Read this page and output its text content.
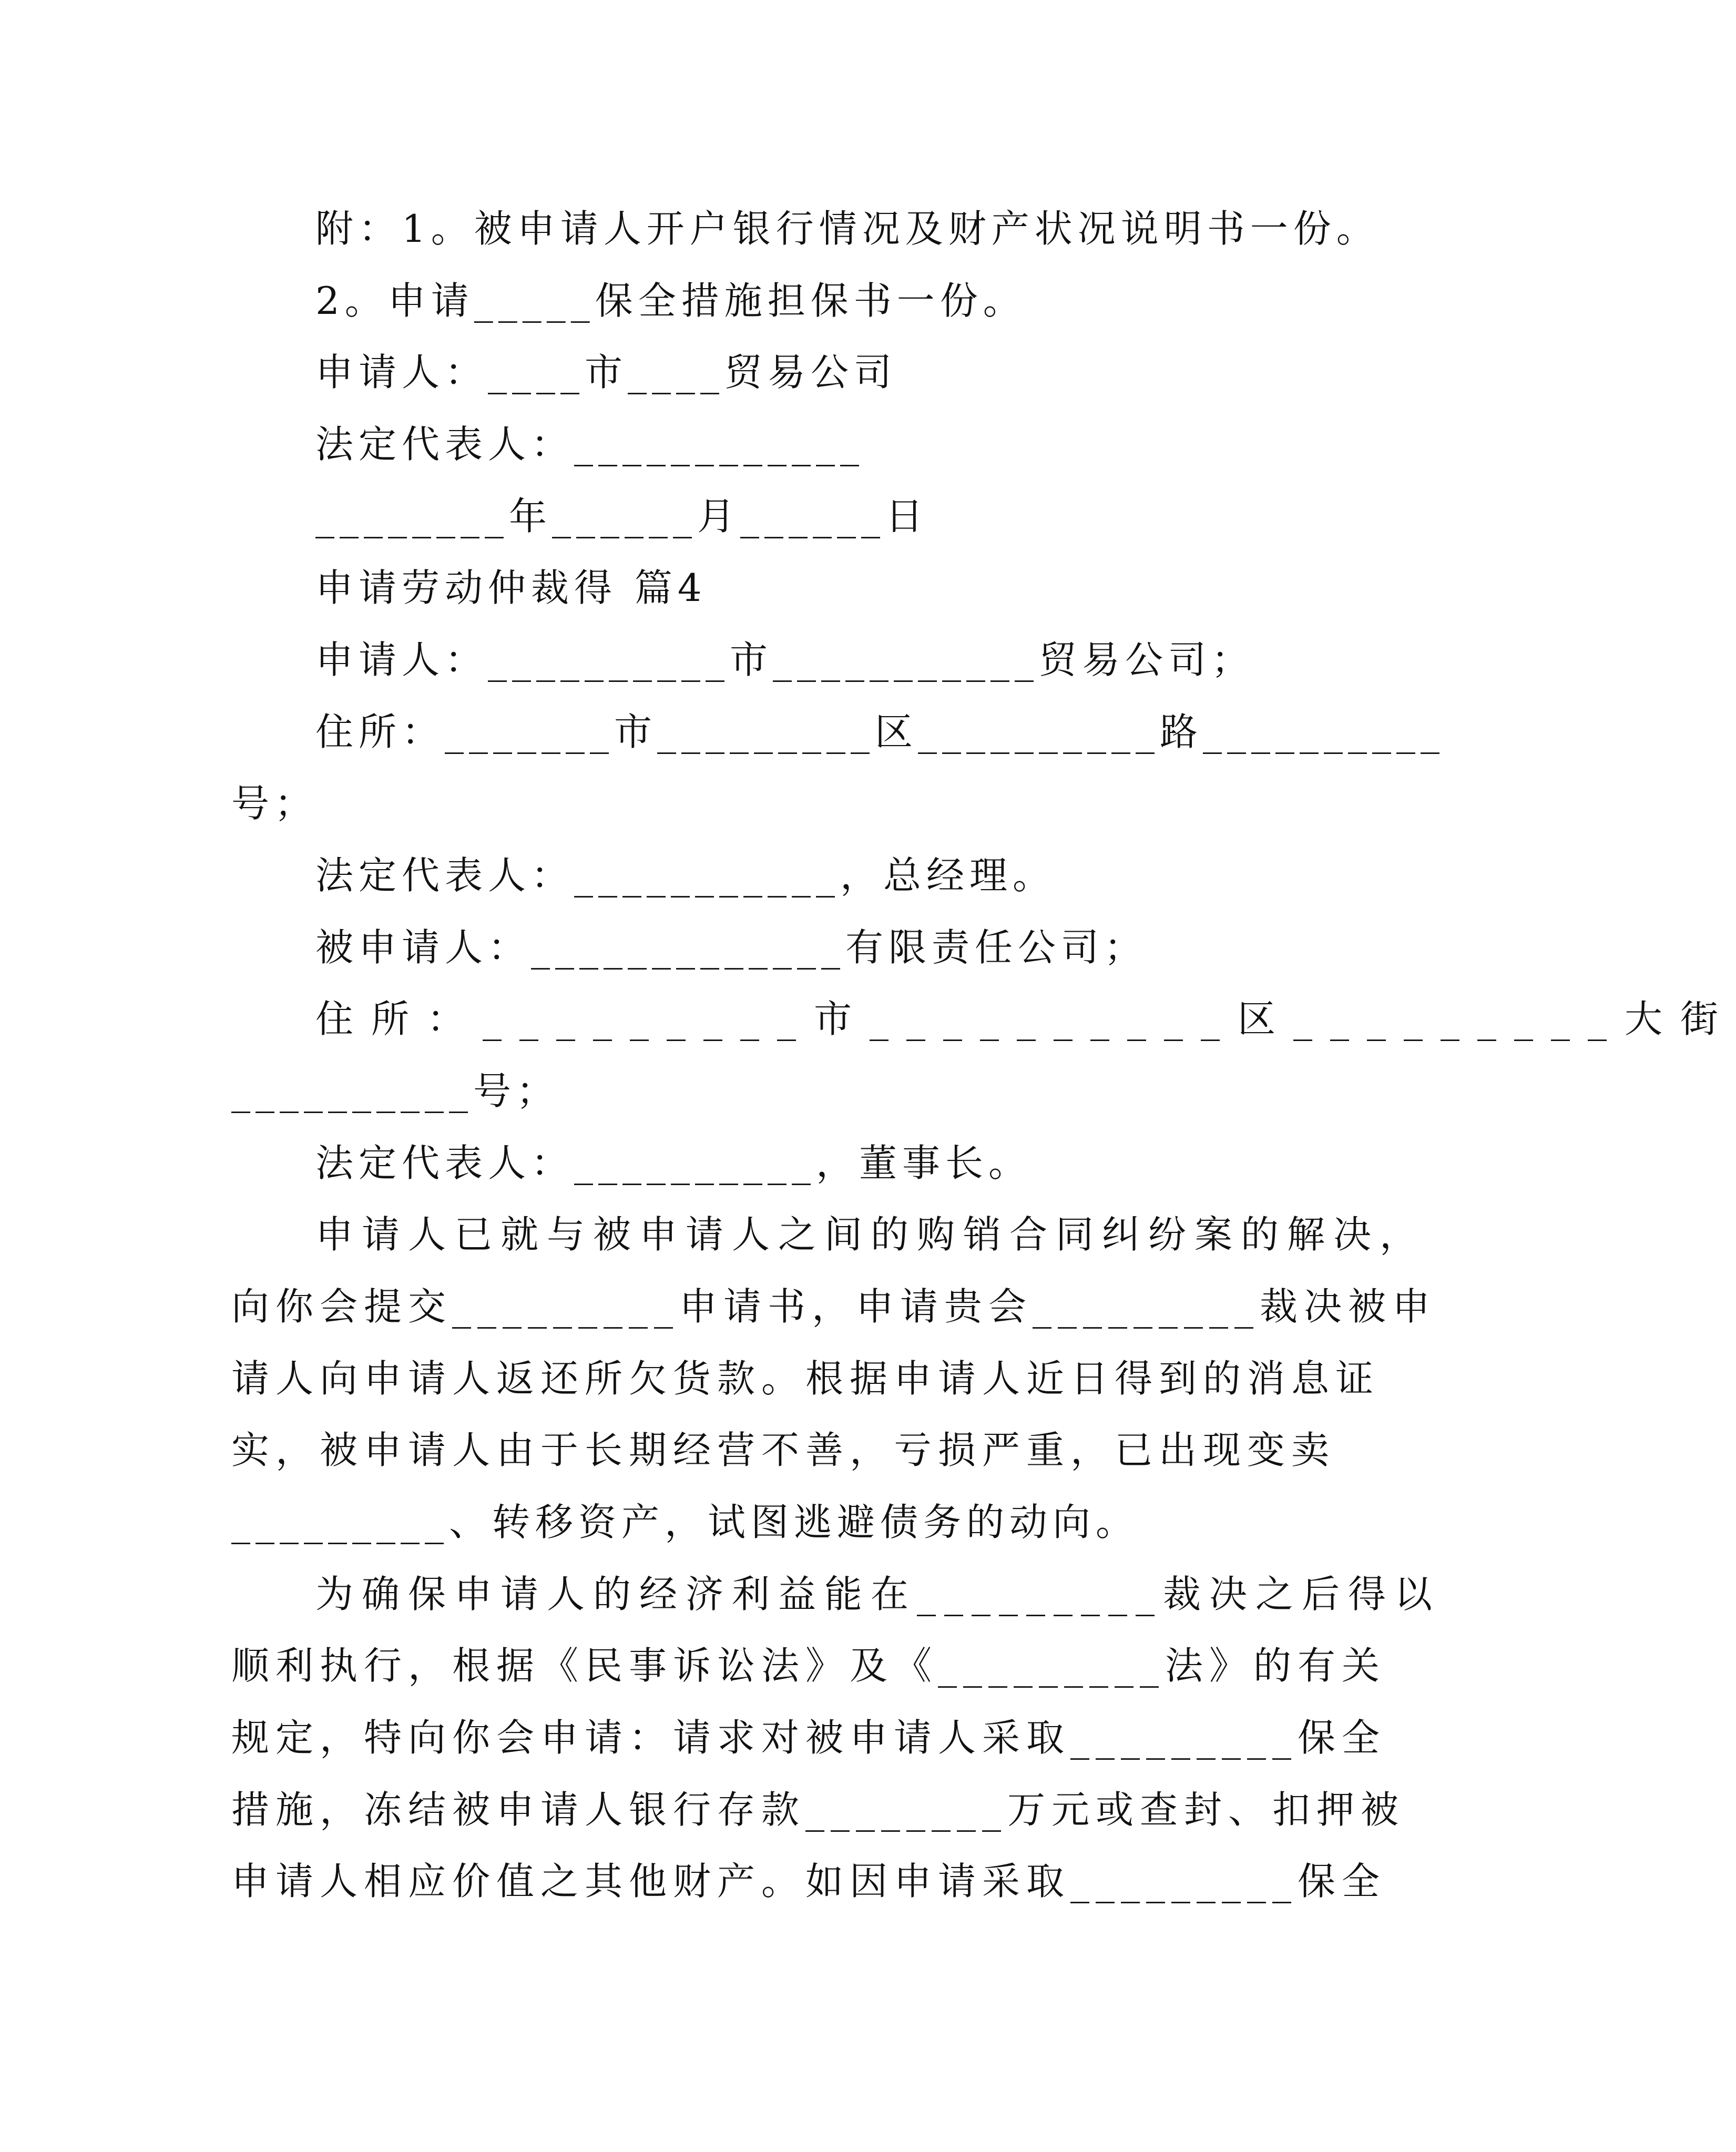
附：1。被申请人开户银行情况及财产状况说明书一份。
2。申请_____保全措施担保书一份。
申请人：____市____贸易公司
法定代表人：____________
________年______月______日
申请劳动仲裁得 篇4
申请人：__________市___________贸易公司；
住所：_______市_________区__________路__________
号；
法定代表人：___________，总经理。
被申请人：_____________有限责任公司；
住所：_________市__________区_________大街
__________号；
法定代表人：__________，董事长。
申请人已就与被申请人之间的购销合同纠纷案的解决，
向你会提交_________申请书，申请贵会_________裁决被申
请人向申请人返还所欠货款。根据申请人近日得到的消息证
实，被申请人由于长期经营不善，亏损严重，已出现变卖
_________、转移资产，试图逃避债务的动向。
为确保申请人的经济利益能在_________裁决之后得以
顺利执行，根据《民事诉讼法》及《_________法》的有关
规定，特向你会申请：请求对被申请人采取_________保全
措施，冻结被申请人银行存款________万元或查封、扣押被
申请人相应价值之其他财产。如因申请采取_________保全
